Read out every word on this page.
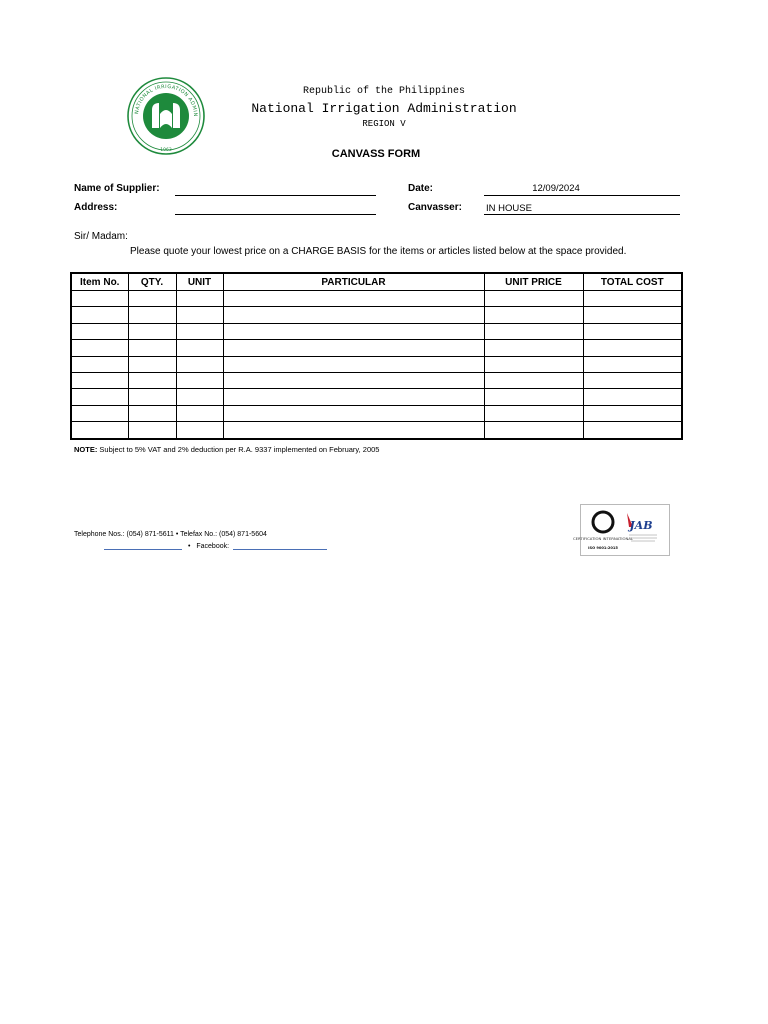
NATIONAL IRRIGATION ADMIN
1963
Republic of the Philippines
National Irrigation Administration
REGION V
CANVASS FORM
Name of Supplier:
Address:
Date:	12/09/2024
Canvasser:	IN HOUSE
Sir/ Madam:
Please quote your lowest price on a CHARGE BASIS for the items or articles listed below at the space provided.
Item No.	QTY.	UNIT	PARTICULAR	UNIT PRICE	TOTAL COST

NOTE: Subject to 5% VAT and 2% deduction per R.A. 9337 implemented on February, 2005
Telephone Nos.: (054) 871-5611 • Telefax No.: (054) 871-5604
• Facebook:
CERTIFICATION INTERNATIONAL
ISO 9001:2015
JAB
